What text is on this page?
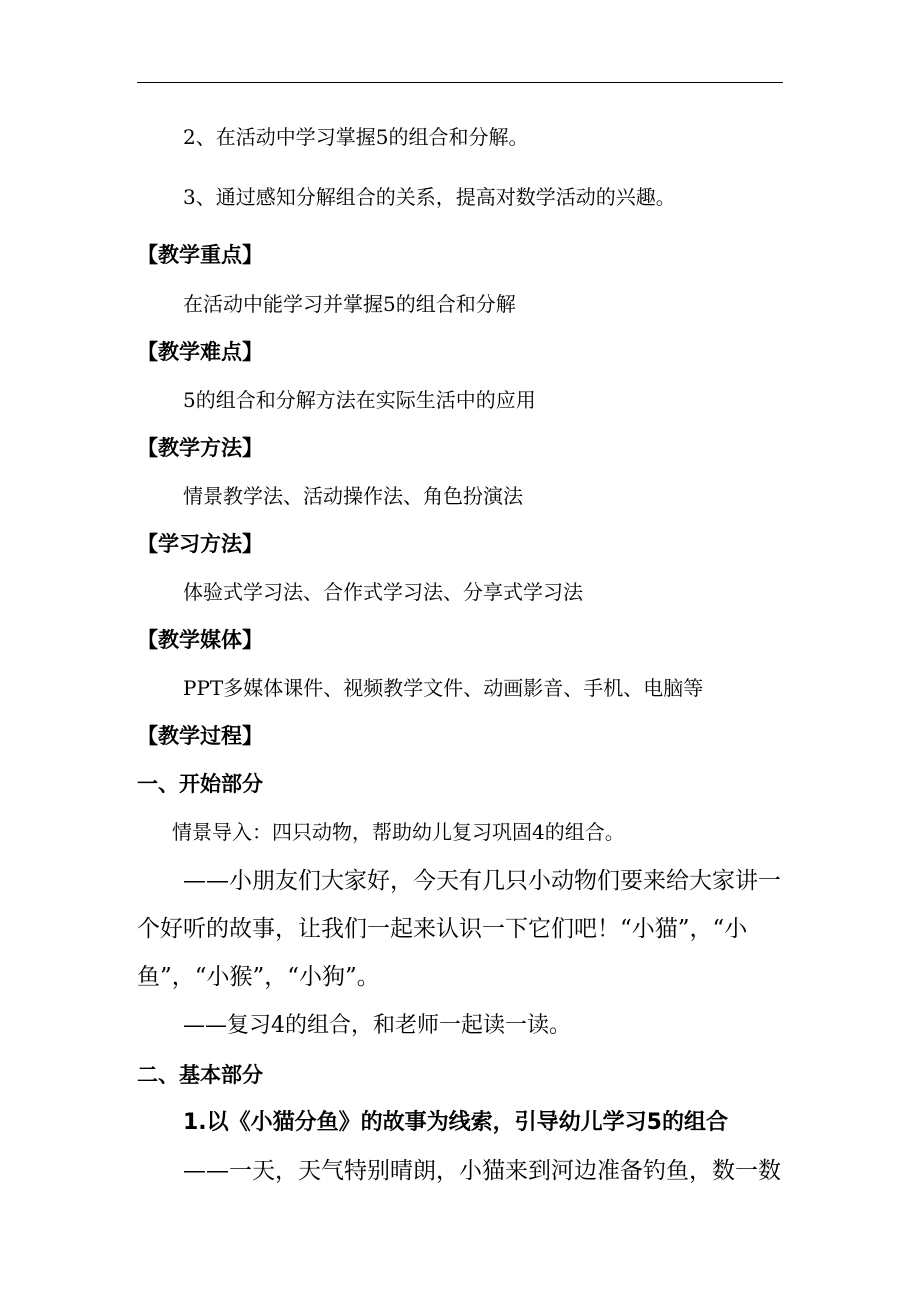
2、在活动中学习掌握5的组合和分解。
3、通过感知分解组合的关系，提高对数学活动的兴趣。
【教学重点】
在活动中能学习并掌握5的组合和分解
【教学难点】
5的组合和分解方法在实际生活中的应用
【教学方法】
情景教学法、活动操作法、角色扮演法
【学习方法】
体验式学习法、合作式学习法、分享式学习法
【教学媒体】
PPT多媒体课件、视频教学文件、动画影音、手机、电脑等
【教学过程】
一、开始部分
情景导入：四只动物，帮助幼儿复习巩固4的组合。
——小朋友们大家好，今天有几只小动物们要来给大家讲一
个好听的故事，让我们一起来认识一下它们吧！“小猫”，“小
鱼”，“小猴”，“小狗”。
——复习4的组合，和老师一起读一读。
二、基本部分
1.以《小猫分鱼》的故事为线索，引导幼儿学习5的组合
——一天，天气特别晴朗，小猫来到河边准备钓鱼，数一数
